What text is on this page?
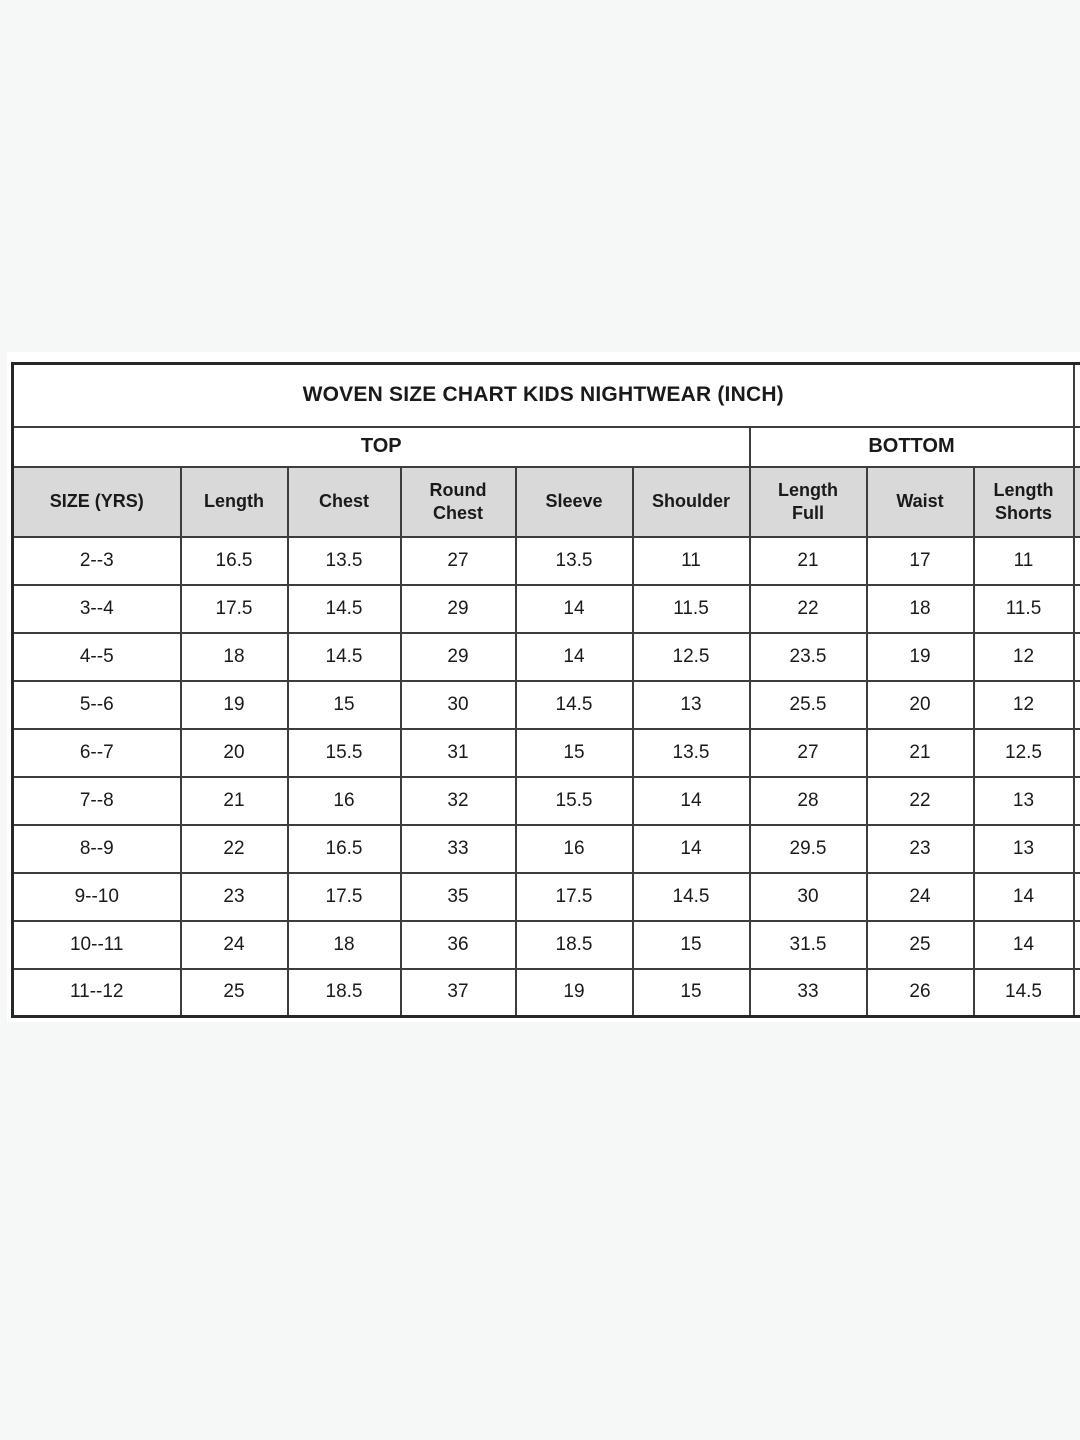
WOVEN SIZE CHART KIDS NIGHTWEAR (INCH)									
TOP						BOTTOM			
SIZE (YRS)	Length	Chest	Round Chest	Sleeve	Shoulder	Length Full	Waist	Length Shorts	
2--3	16.5	13.5	27	13.5	11	21	17	11	
3--4	17.5	14.5	29	14	11.5	22	18	11.5	
4--5	18	14.5	29	14	12.5	23.5	19	12	
5--6	19	15	30	14.5	13	25.5	20	12	
6--7	20	15.5	31	15	13.5	27	21	12.5	
7--8	21	16	32	15.5	14	28	22	13	
8--9	22	16.5	33	16	14	29.5	23	13	
9--10	23	17.5	35	17.5	14.5	30	24	14	
10--11	24	18	36	18.5	15	31.5	25	14	
11--12	25	18.5	37	19	15	33	26	14.5	
